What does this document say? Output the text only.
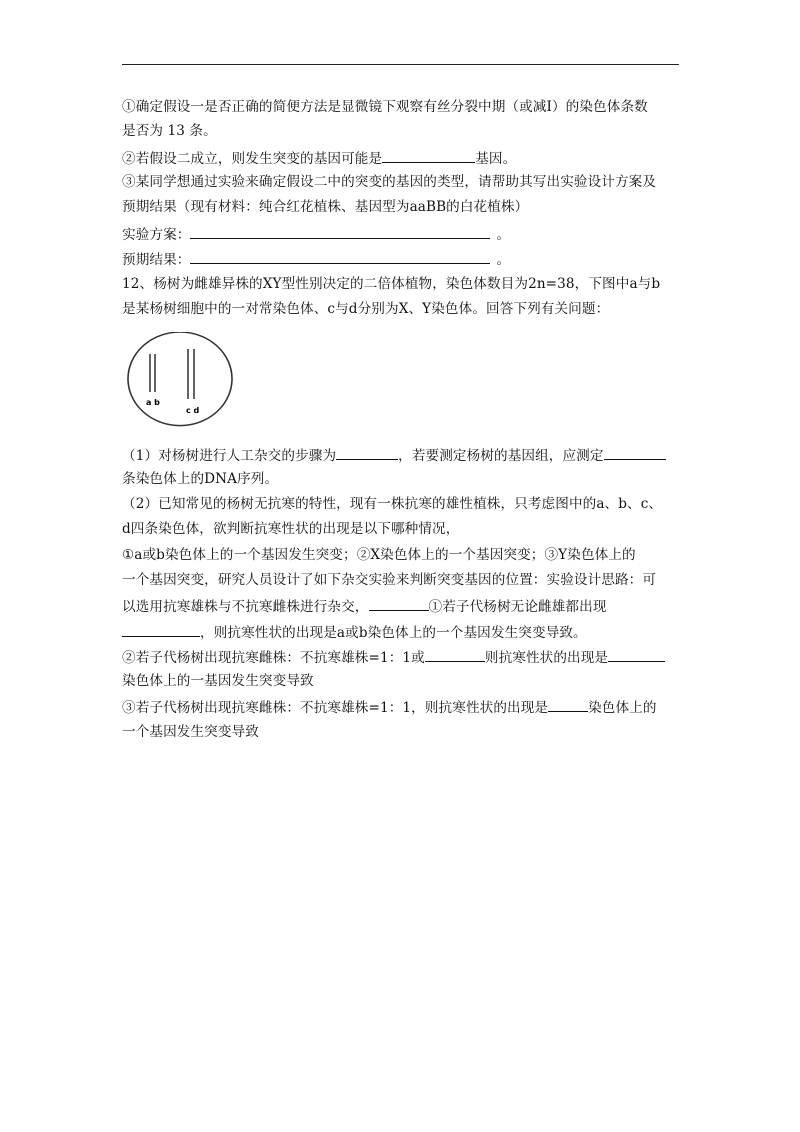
①确定假设一是否正确的简便方法是显微镜下观察有丝分裂中期（或减Ⅰ）的染色体条数
是否为 13 条。
②若假设二成立，则发生突变的基因可能是	基因。
③某同学想通过实验来确定假设二中的突变的基因的类型，请帮助其写出实验设计方案及
预期结果（现有材料：纯合红花植株、基因型为aaBB的白花植株）
实验方案：	。
预期结果：	。
12、杨树为雌雄异株的XY型性别决定的二倍体植物，染色体数目为2n=38，下图中a与b
是某杨树细胞中的一对常染色体、c与d分别为X、Y染色体。回答下列有关问题：
a b
c d
（1）对杨树进行人工杂交的步骤为	，若要测定杨树的基因组，应测定
条染色体上的DNA序列。
（2）已知常见的杨树无抗寒的特性，现有一株抗寒的雄性植株，只考虑图中的a、b、c、
d四条染色体，欲判断抗寒性状的出现是以下哪种情况，
①a或b染色体上的一个基因发生突变；②X染色体上的一个基因突变；③Y染色体上的
一个基因突变，研究人员设计了如下杂交实验来判断突变基因的位置：实验设计思路：可
以选用抗寒雄株与不抗寒雌株进行杂交，	①若子代杨树无论雌雄都出现
，则抗寒性状的出现是a或b染色体上的一个基因发生突变导致。
②若子代杨树出现抗寒雌株：不抗寒雄株=1：1或	则抗寒性状的出现是
染色体上的一基因发生突变导致
③若子代杨树出现抗寒雌株：不抗寒雄株=1：1，则抗寒性状的出现是	染色体上的
一个基因发生突变导致
